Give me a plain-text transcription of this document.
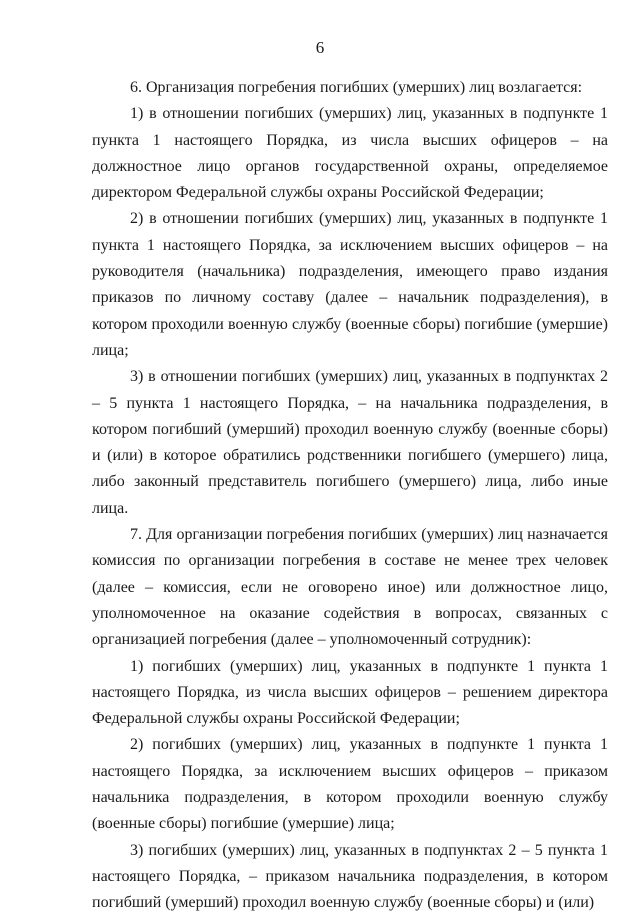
6

6. Организация погребения погибших (умерших) лиц возлагается:

1) в отношении погибших (умерших) лиц, указанных в подпункте 1 пункта 1 настоящего Порядка, из числа высших офицеров – на должностное лицо органов государственной охраны, определяемое директором Федеральной службы охраны Российской Федерации;

2) в отношении погибших (умерших) лиц, указанных в подпункте 1 пункта 1 настоящего Порядка, за исключением высших офицеров – на руководителя (начальника) подразделения, имеющего право издания приказов по личному составу (далее – начальник подразделения), в котором проходили военную службу (военные сборы) погибшие (умершие) лица;

3) в отношении погибших (умерших) лиц, указанных в подпунктах 2 – 5 пункта 1 настоящего Порядка, – на начальника подразделения, в котором погибший (умерший) проходил военную службу (военные сборы) и (или) в которое обратились родственники погибшего (умершего) лица, либо законный представитель погибшего (умершего) лица, либо иные лица.

7. Для организации погребения погибших (умерших) лиц назначается комиссия по организации погребения в составе не менее трех человек (далее – комиссия, если не оговорено иное) или должностное лицо, уполномоченное на оказание содействия в вопросах, связанных с организацией погребения (далее – уполномоченный сотрудник):

1) погибших (умерших) лиц, указанных в подпункте 1 пункта 1 настоящего Порядка, из числа высших офицеров – решением директора Федеральной службы охраны Российской Федерации;

2) погибших (умерших) лиц, указанных в подпункте 1 пункта 1 настоящего Порядка, за исключением высших офицеров – приказом начальника подразделения, в котором проходили военную службу (военные сборы) погибшие (умершие) лица;

3) погибших (умерших) лиц, указанных в подпунктах 2 – 5 пункта 1 настоящего Порядка, – приказом начальника подразделения, в котором погибший (умерший) проходил военную службу (военные сборы) и (или)
